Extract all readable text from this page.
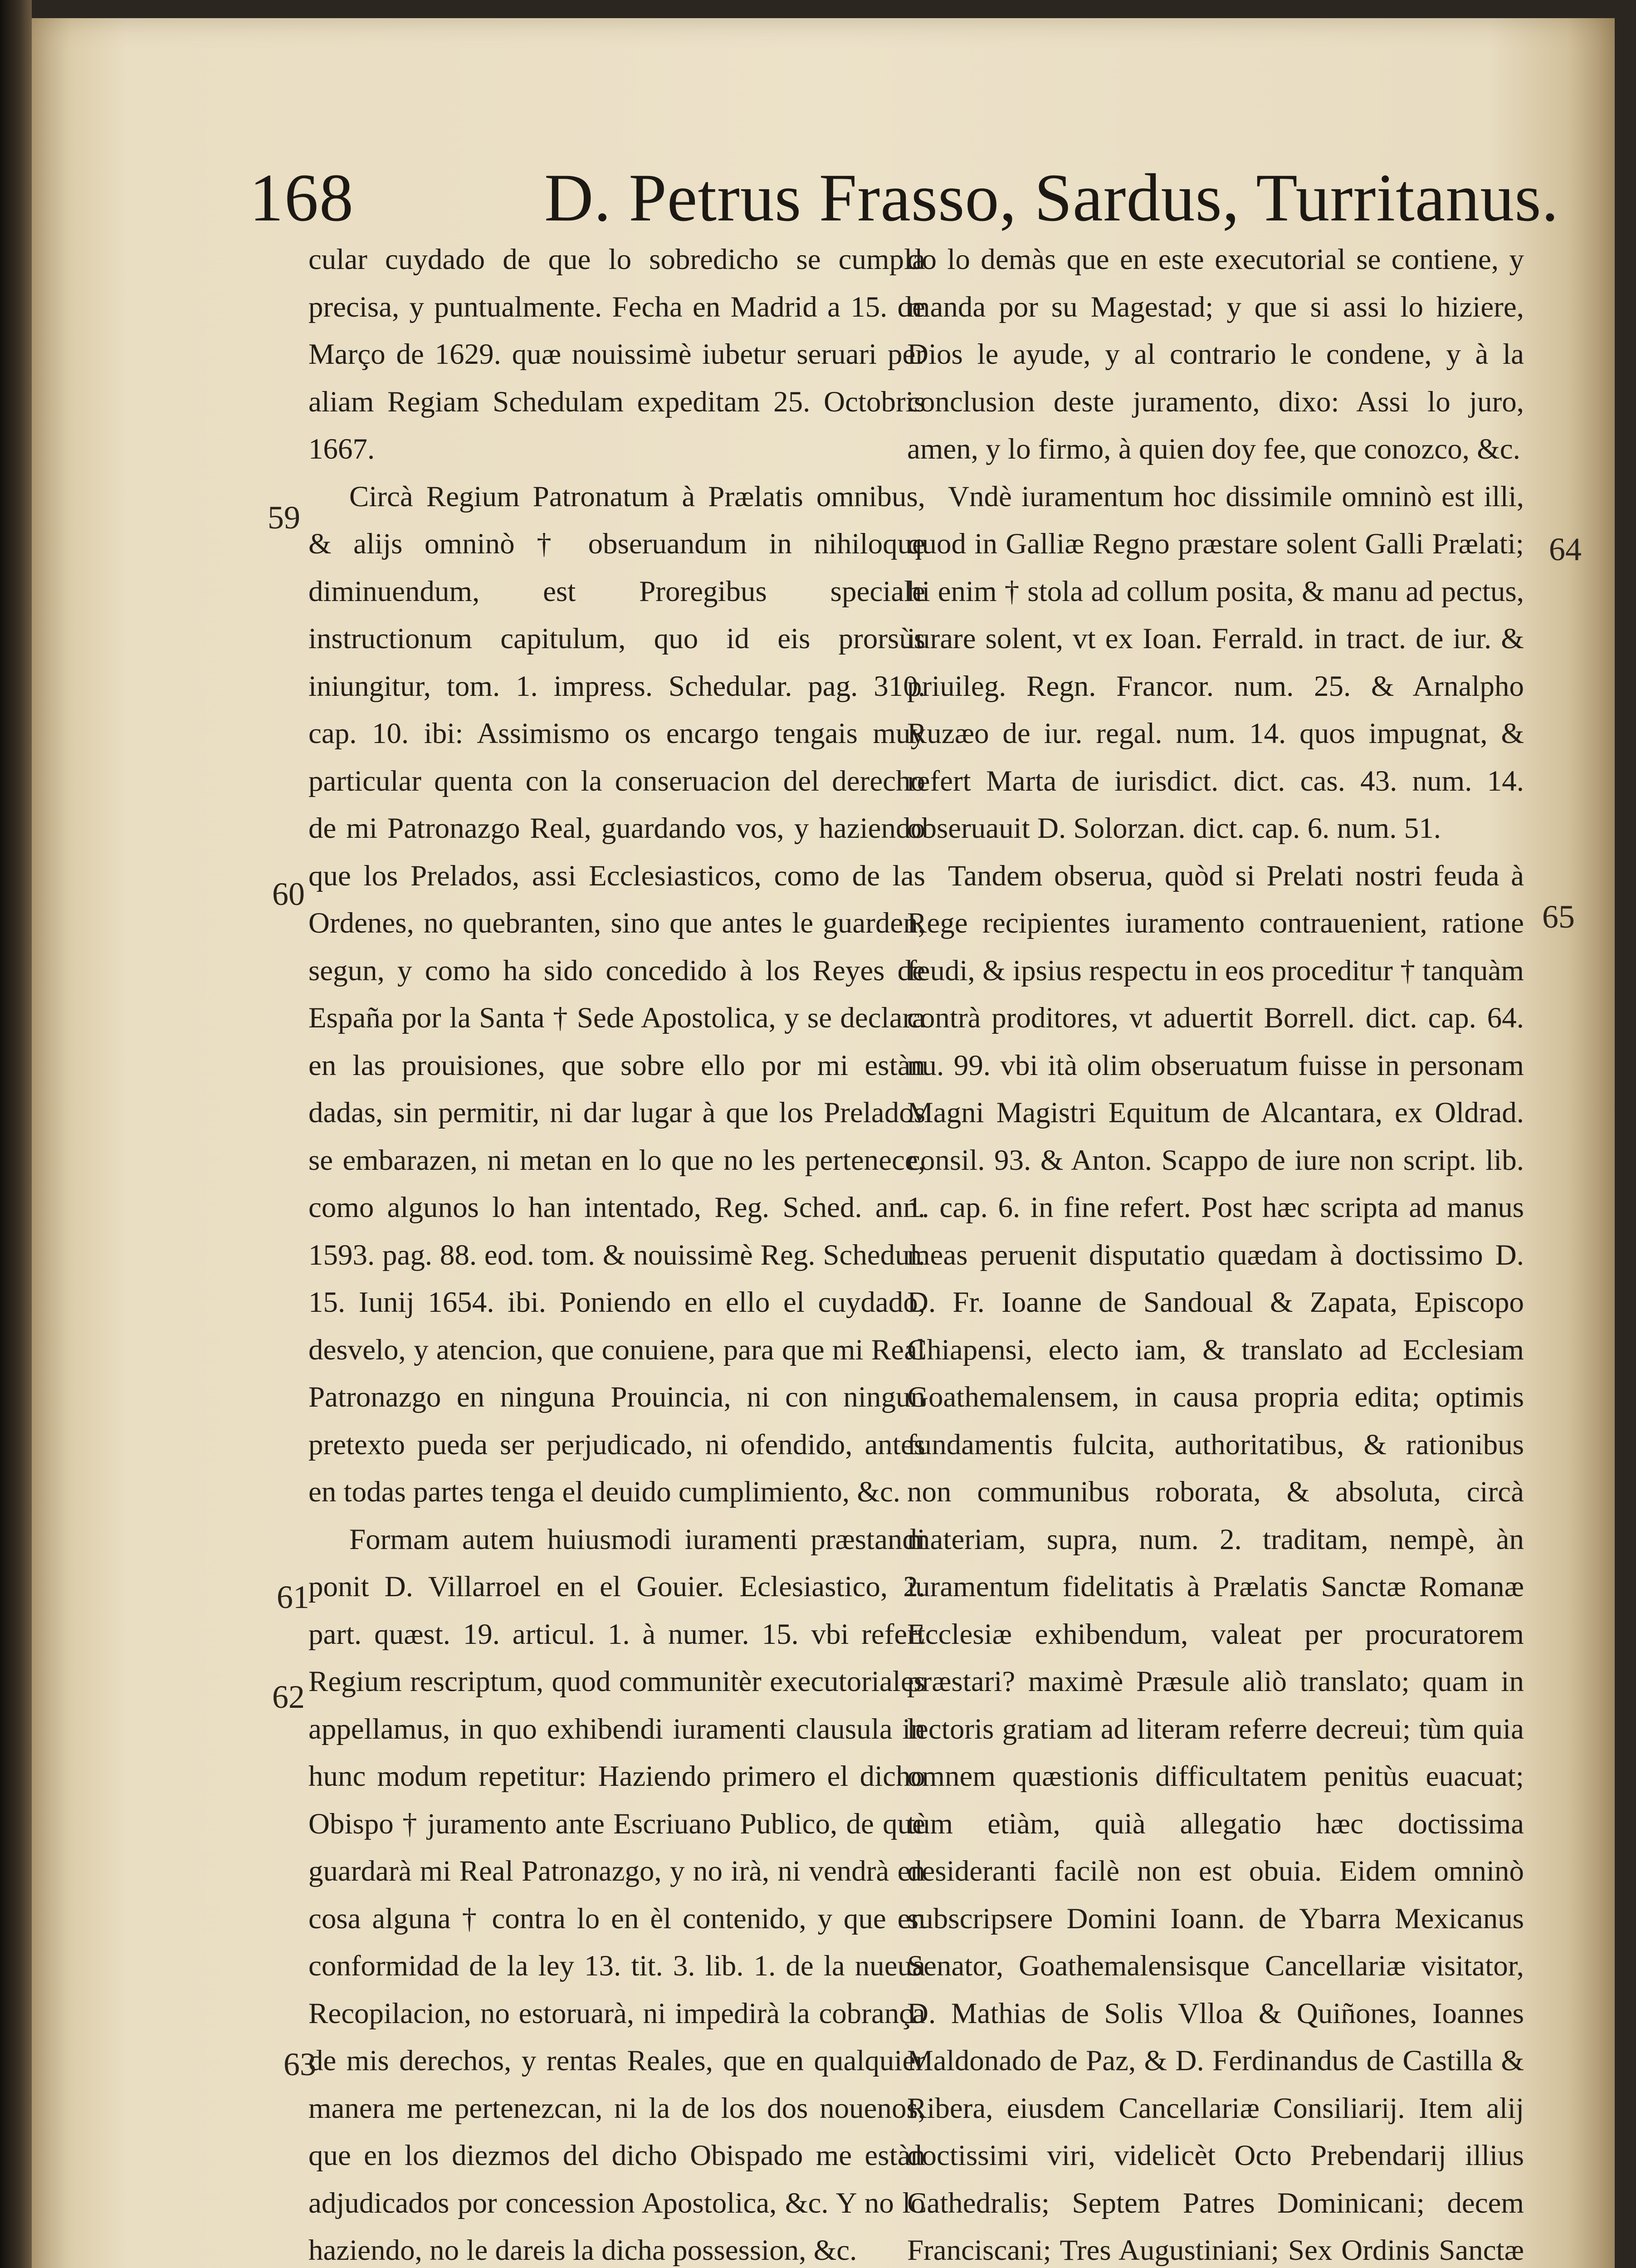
168	D. Petrus Frasso, Sardus, Turritanus.

cular cuydado de que lo sobredicho se cumpla precisa, y puntualmente. Fecha en Madrid a 15. de Março de 1629. quæ nouissimè iubetur seruari per aliam Regiam Schedulam expeditam 25. Octobris 1667.

Circà Regium Patronatum à Prælatis omnibus, & alijs omninò † obseruandum in nihiloque diminuendum, est Proregibus speciale instructionum capitulum, quo id eis prorsùs iniungitur, tom. 1. impress. Schedular. pag. 310. cap. 10. ibi: Assimismo os encargo tengais muy particular quenta con la conseruacion del derecho de mi Patronazgo Real, guardando vos, y haziendo que los Prelados, assi Ecclesiasticos, como de las Ordenes, no quebranten, sino que antes le guarden, segun, y como ha sido concedido à los Reyes de España por la Santa † Sede Apostolica, y se declara en las prouisiones, que sobre ello por mi estàn dadas, sin permitir, ni dar lugar à que los Prelados se embarazen, ni metan en lo que no les pertenece, como algunos lo han intentado, Reg. Sched. ann. 1593. pag. 88. eod. tom. & nouissimè Reg. Schedul. 15. Iunij 1654. ibi. Poniendo en ello el cuydado, desvelo, y atencion, que conuiene, para que mi Real Patronazgo en ninguna Prouincia, ni con ningun pretexto pueda ser perjudicado, ni ofendido, antes en todas partes tenga el deuido cumplimiento, &c.

Formam autem huiusmodi iuramenti præstandi ponit D. Villarroel en el Gouier. Eclesiastico, 2. part. quæst. 19. articul. 1. à numer. 15. vbi refert Regium rescriptum, quod communitèr executoriales appellamus, in quo exhibendi iuramenti clausula in hunc modum repetitur: Haziendo primero el dicho Obispo † juramento ante Escriuano Publico, de que guardarà mi Real Patronazgo, y no irà, ni vendrà en cosa alguna † contra lo en èl contenido, y que en conformidad de la ley 13. tit. 3. lib. 1. de la nueua Recopilacion, no estoruarà, ni impedirà la cobrança de mis derechos, y rentas Reales, que en qualquier manera me pertenezcan, ni la de los dos nouenos, que en los diezmos del dicho Obispado me estàn adjudicados por concession Apostolica, &c. Y no lo haziendo, no le dareis la dicha possession, &c.

do lo demàs que en este executorial se contiene, y manda por su Magestad; y que si assi lo hiziere, Dios le ayude, y al contrario le condene, y à la conclusion deste juramento, dixo: Assi lo juro, amen, y lo firmo, à quien doy fee, que conozco, &c.

Vndè iuramentum hoc dissimile omninò est illi, quod in Galliæ Regno præstare solent Galli Prælati; hi enim † stola ad collum posita, & manu ad pectus, iurare solent, vt ex Ioan. Ferrald. in tract. de iur. & priuileg. Regn. Francor. num. 25. & Arnalpho Ruzæo de iur. regal. num. 14. quos impugnat, & refert Marta de iurisdict. dict. cas. 43. num. 14. obseruauit D. Solorzan. dict. cap. 6. num. 51.

Tandem obserua, quòd si Prelati nostri feuda à Rege recipientes iuramento contrauenient, ratione feudi, & ipsius respectu in eos proceditur † tanquàm contrà proditores, vt aduertit Borrell. dict. cap. 64. nu. 99. vbi ità olim obseruatum fuisse in personam Magni Magistri Equitum de Alcantara, ex Oldrad. consil. 93. & Anton. Scappo de iure non script. lib. 1. cap. 6. in fine refert. Post hæc scripta ad manus meas peruenit disputatio quædam à doctissimo D. D. Fr. Ioanne de Sandoual & Zapata, Episcopo Chiapensi, electo iam, & translato ad Ecclesiam Goathemalensem, in causa propria edita; optimis fundamentis fulcita, authoritatibus, & rationibus non communibus roborata, & absoluta, circà materiam, supra, num. 2. traditam, nempè, àn iuramentum fidelitatis à Prælatis Sanctæ Romanæ Ecclesiæ exhibendum, valeat per procuratorem præstari? maximè Præsule aliò translato; quam in lectoris gratiam ad literam referre decreui; tùm quia omnem quæstionis difficultatem penitùs euacuat; tùm etiàm, quià allegatio hæc doctissima desideranti facilè non est obuia. Eidem omninò subscripsere Domini Ioann. de Ybarra Mexicanus Senator, Goathemalensisque Cancellariæ visitator, D. Mathias de Solis Vlloa & Quiñones, Ioannes Maldonado de Paz, & D. Ferdinandus de Castilla & Ribera, eiusdem Cancellariæ Consiliarij. Item alij doctissimi viri, videlicèt Octo Prebendarij illius Cathedralis; Septem Patres Dominicani; decem Franciscani; Tres Augustiniani; Sex Ordinis Sanctæ

59
60
61
62
63
64
65
